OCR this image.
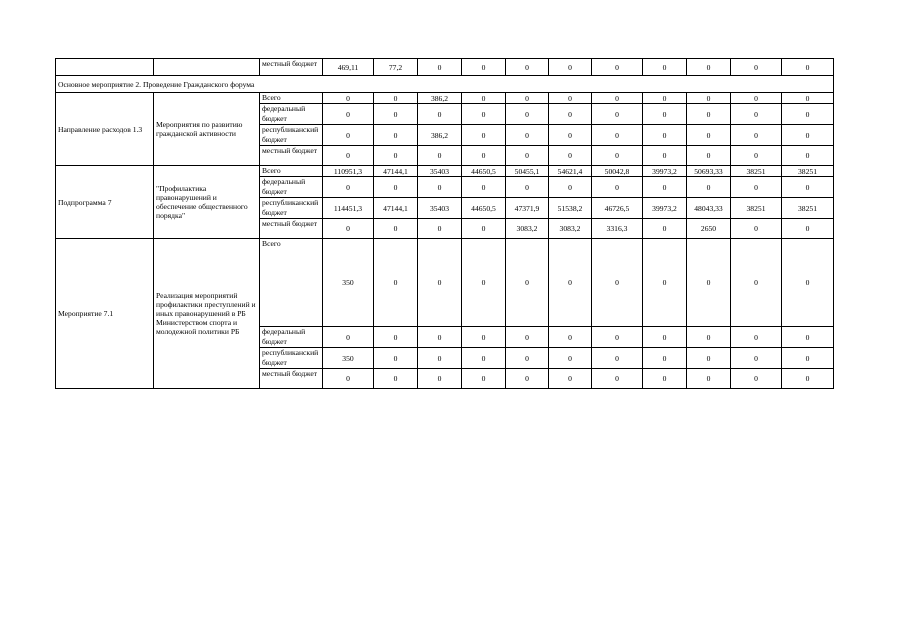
		местный бюджет	469,11	77,2	0	0	0	0	0	0	0	0	0
Основное мероприятие 2. Проведение Гражданского форума													
Направление расходов 1.3	Мероприятия по развитию гражданской активности	Всего	0	0	386,2	0	0	0	0	0	0	0	0
		федеральный бюджет	0	0	0	0	0	0	0	0	0	0	0
		республиканский бюджет	0	0	386,2	0	0	0	0	0	0	0	0
		местный бюджет	0	0	0	0	0	0	0	0	0	0	0
Подпрограмма 7	"Профилактика правонарушений и обеспечение общественного порядка"	Всего	110951,3	47144,1	35403	44650,5	50455,1	54621,4	50042,8	39973,2	50693,33	38251	38251
		федеральный бюджет	0	0	0	0	0	0	0	0	0	0	0
		республиканский бюджет	114451,3	47144,1	35403	44650,5	47371,9	51538,2	46726,5	39973,2	48043,33	38251	38251
		местный бюджет	0	0	0	0	3083,2	3083,2	3316,3	0	2650	0	0
Мероприятие 7.1	Реализация мероприятий профилактики преступлений и иных правонарушений в РБ Министерством спорта и молодежной политики РБ	Всего	350	0	0	0	0	0	0	0	0	0	0
		федеральный бюджет	0	0	0	0	0	0	0	0	0	0	0
		республиканский бюджет	350	0	0	0	0	0	0	0	0	0	0
		местный бюджет	0	0	0	0	0	0	0	0	0	0	0
